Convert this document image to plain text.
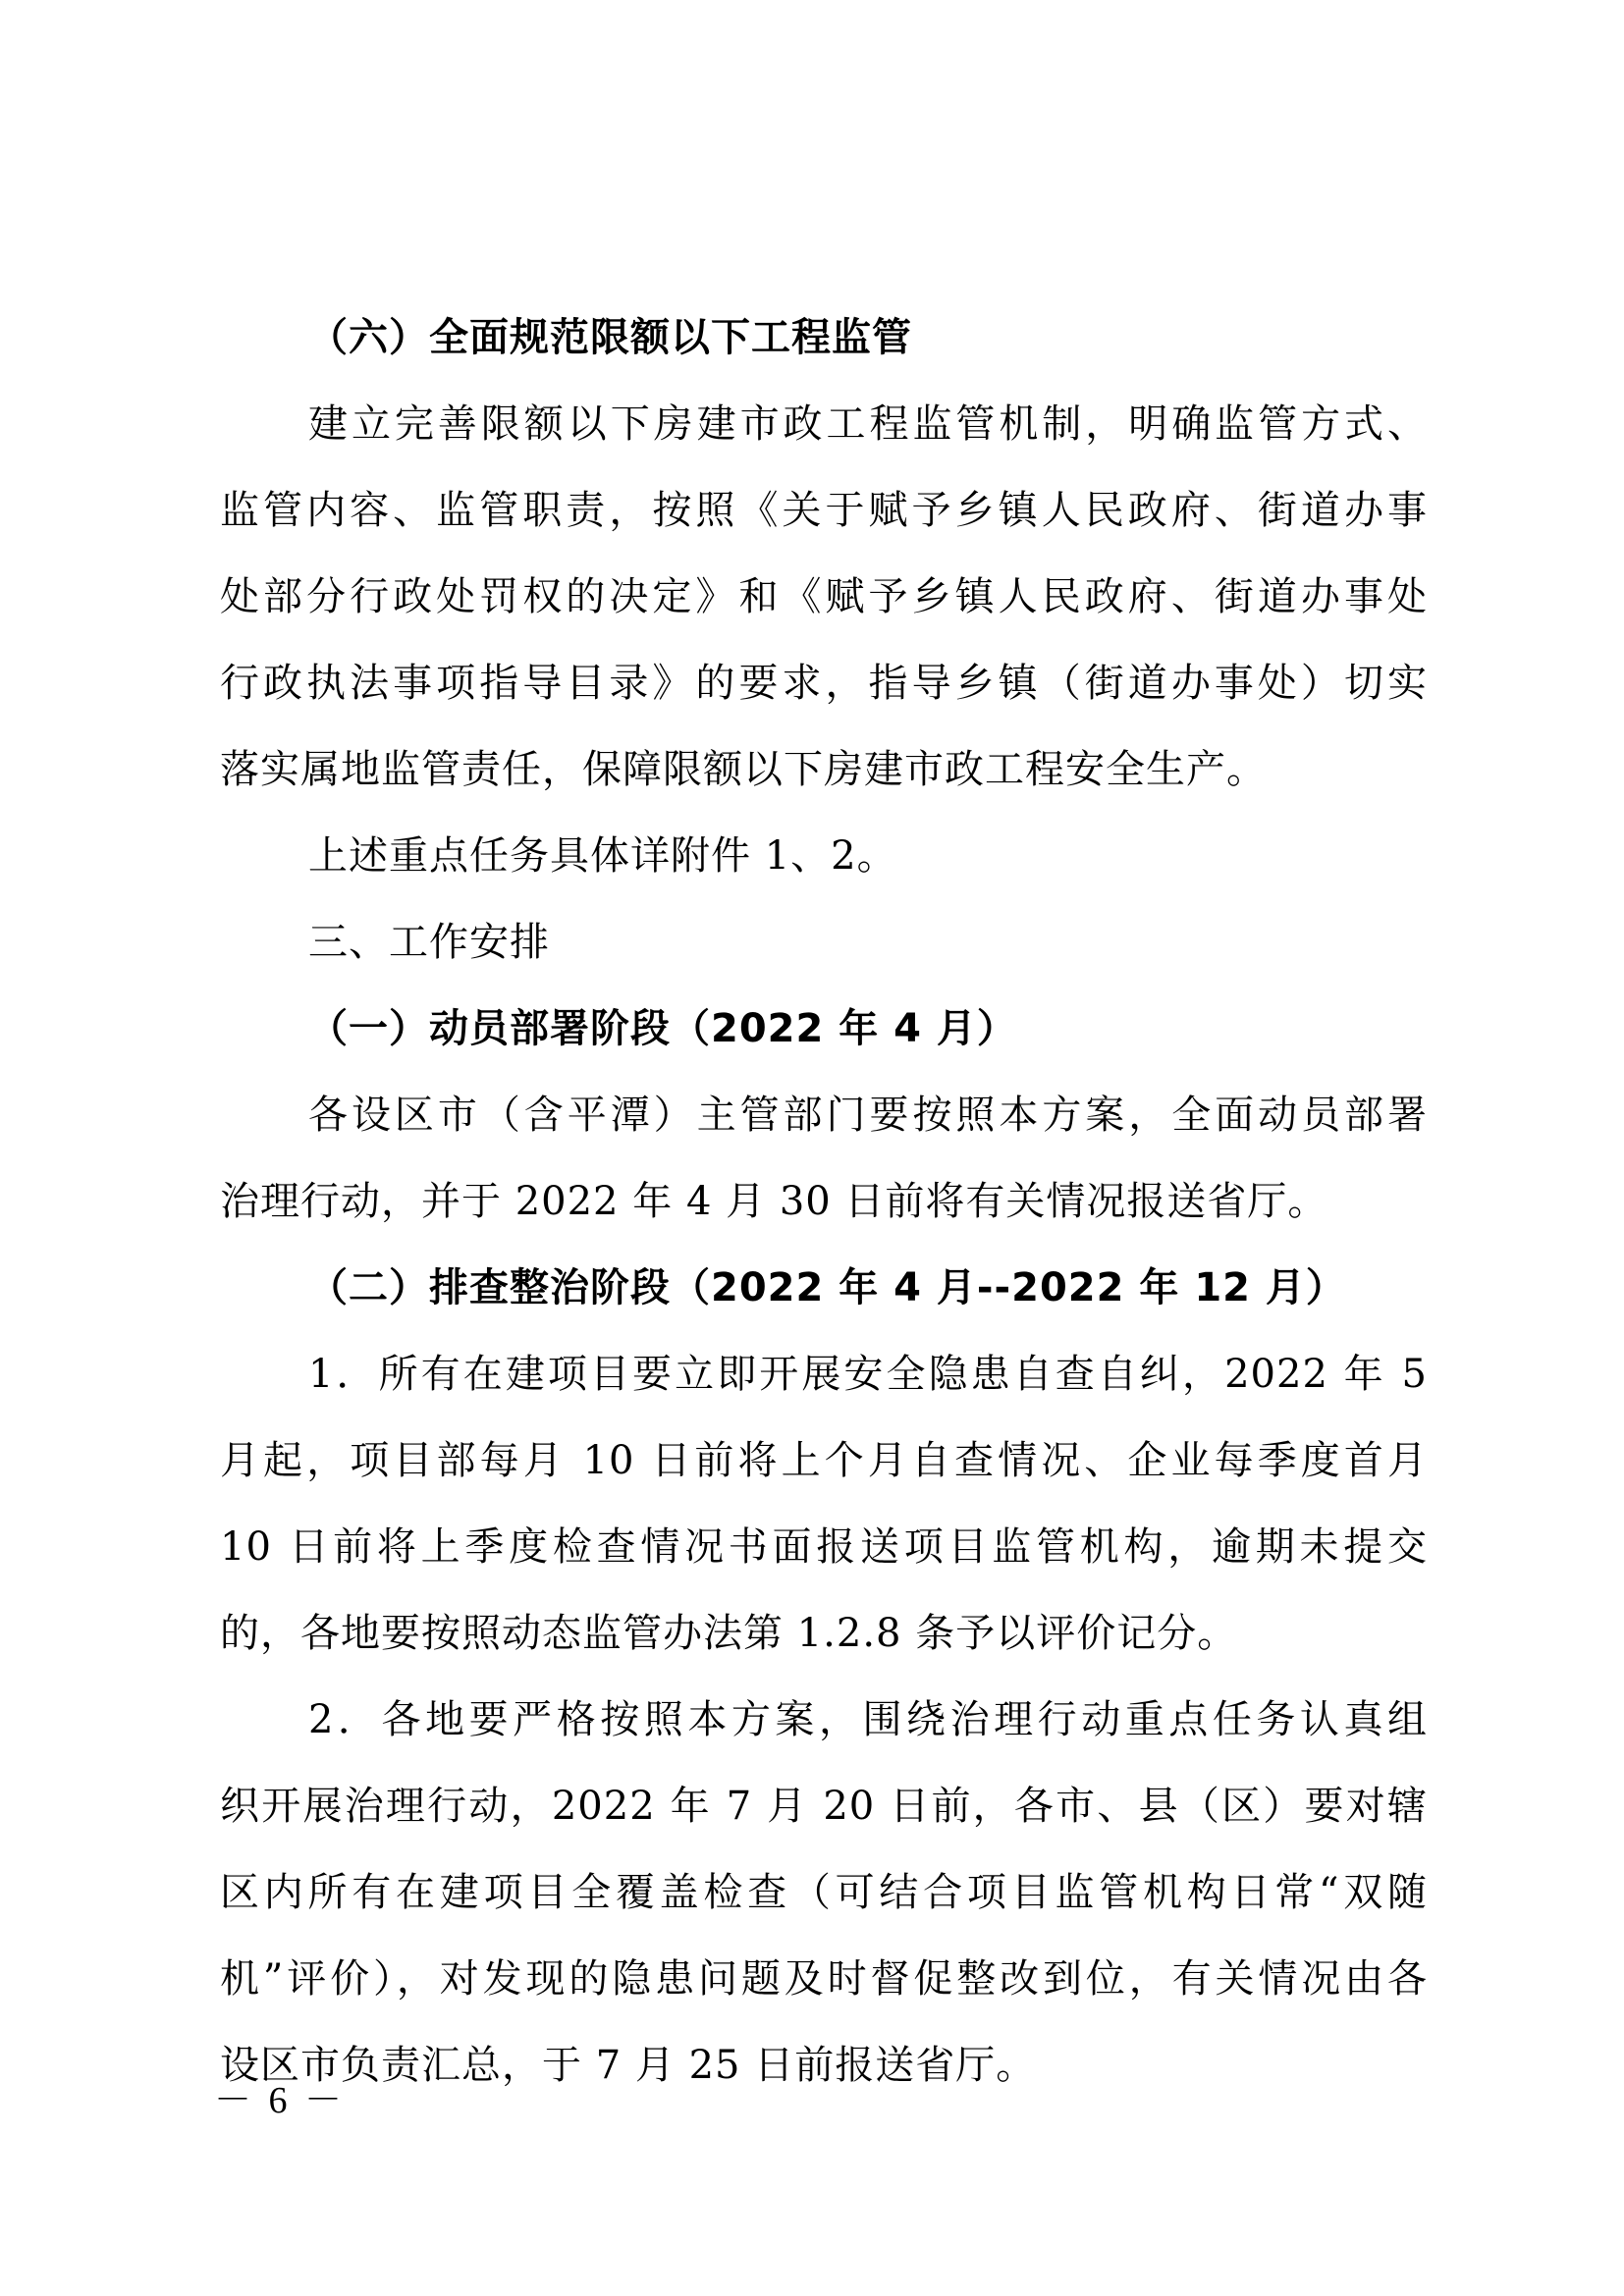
（六）全面规范限额以下工程监管
建立完善限额以下房建市政工程监管机制，明确监管方式、
监管内容、监管职责，按照《关于赋予乡镇人民政府、街道办事
处部分行政处罚权的决定》和《赋予乡镇人民政府、街道办事处
行政执法事项指导目录》的要求，指导乡镇（街道办事处）切实
落实属地监管责任，保障限额以下房建市政工程安全生产。
上述重点任务具体详附件 1、2。
三、工作安排
（一）动员部署阶段（2022 年 4 月）
各设区市（含平潭）主管部门要按照本方案，全面动员部署
治理行动，并于 2022 年 4 月 30 日前将有关情况报送省厅。
（二）排查整治阶段（2022 年 4 月--2022 年 12 月）
1．所有在建项目要立即开展安全隐患自查自纠，2022 年 5
月起，项目部每月 10 日前将上个月自查情况、企业每季度首月
10 日前将上季度检查情况书面报送项目监管机构，逾期未提交
的，各地要按照动态监管办法第 1.2.8 条予以评价记分。
2．各地要严格按照本方案，围绕治理行动重点任务认真组
织开展治理行动，2022 年 7 月 20 日前，各市、县（区）要对辖
区内所有在建项目全覆盖检查（可结合项目监管机构日常“双随
机”评价），对发现的隐患问题及时督促整改到位，有关情况由各
设区市负责汇总，于 7 月 25 日前报送省厅。
－ 6 －
